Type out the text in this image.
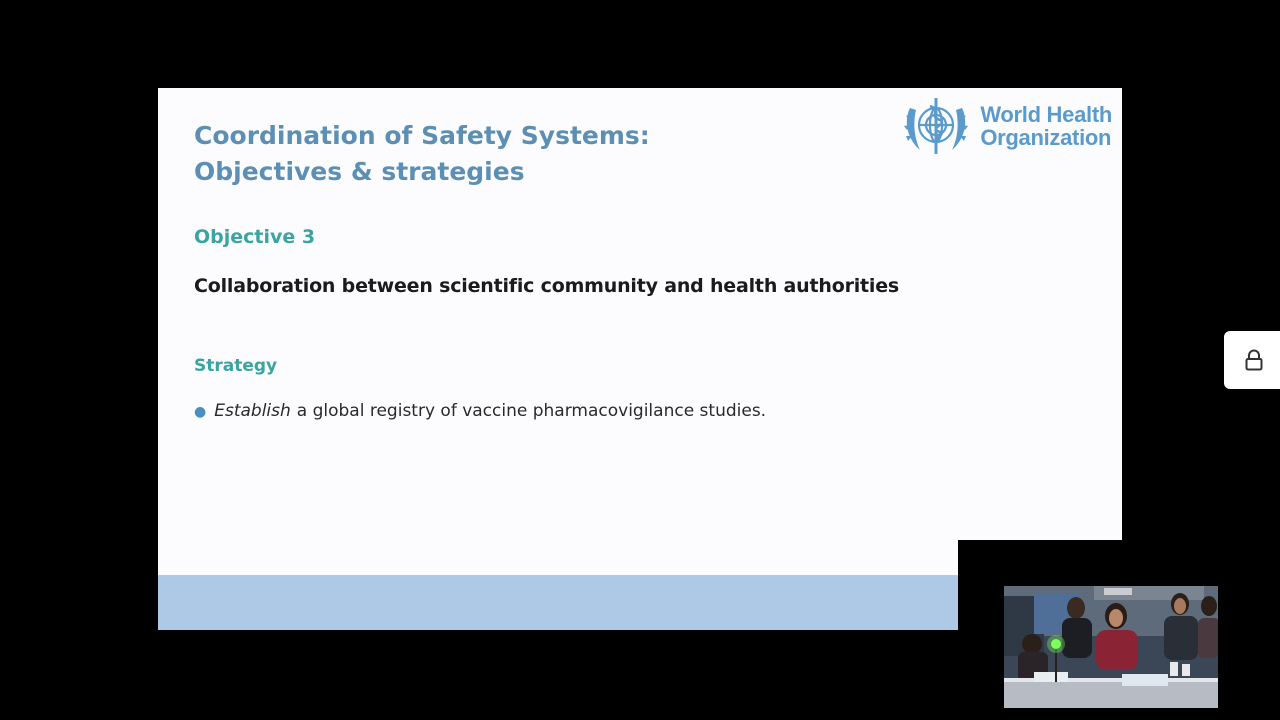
Coordination of Safety Systems:
Objectives & strategies
World Health
Organization
Objective 3
Collaboration between scientific community and health authorities
Strategy
● Establish a global registry of vaccine pharmacovigilance studies.
